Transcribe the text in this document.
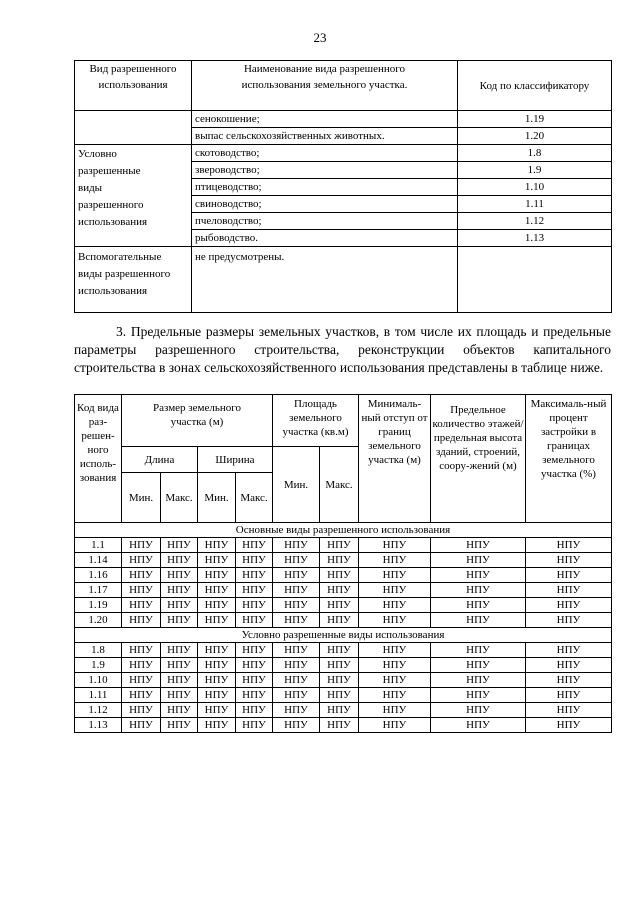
23
Вид разрешенного использования	Наименование вида разрешенного использования земельного участка.	Код по классификатору
	сенокошение;	1.19
	выпас сельскохозяйственных животных.	1.20
Условно разрешенные виды разрешенного использования	скотоводство;	1.8
	звероводство;	1.9
	птицеводство;	1.10
	свиноводство;	1.11
	пчеловодство;	1.12
	рыбоводство.	1.13
Вспомогательные виды разрешенного использования	не предусмотрены.	

3. Предельные размеры земельных участков, в том числе их площадь и предельные параметры разрешенного строительства, реконструкции объектов капитального строительства в зонах сельскохозяйственного использования представлены в таблице ниже.

Код вида раз-решен-ного исполь-зования	Размер земельного участка (м)				Площадь земельного участка (кв.м)		Минималь-ный отступ от границ земельного участка (м)	Предельное количество этажей/ предельная высота зданий, строений, соору-жений (м)	Максималь-ный процент застройки в границах земельного участка (%)
	Длина		Ширина		Мин.	Макс.			
	Мин.	Макс.	Мин.	Макс.					
Основные виды разрешенного использования									
1.1	НПУ	НПУ	НПУ	НПУ	НПУ	НПУ	НПУ	НПУ	НПУ
1.14	НПУ	НПУ	НПУ	НПУ	НПУ	НПУ	НПУ	НПУ	НПУ
1.16	НПУ	НПУ	НПУ	НПУ	НПУ	НПУ	НПУ	НПУ	НПУ
1.17	НПУ	НПУ	НПУ	НПУ	НПУ	НПУ	НПУ	НПУ	НПУ
1.19	НПУ	НПУ	НПУ	НПУ	НПУ	НПУ	НПУ	НПУ	НПУ
1.20	НПУ	НПУ	НПУ	НПУ	НПУ	НПУ	НПУ	НПУ	НПУ
Условно разрешенные виды использования									
1.8	НПУ	НПУ	НПУ	НПУ	НПУ	НПУ	НПУ	НПУ	НПУ
1.9	НПУ	НПУ	НПУ	НПУ	НПУ	НПУ	НПУ	НПУ	НПУ
1.10	НПУ	НПУ	НПУ	НПУ	НПУ	НПУ	НПУ	НПУ	НПУ
1.11	НПУ	НПУ	НПУ	НПУ	НПУ	НПУ	НПУ	НПУ	НПУ
1.12	НПУ	НПУ	НПУ	НПУ	НПУ	НПУ	НПУ	НПУ	НПУ
1.13	НПУ	НПУ	НПУ	НПУ	НПУ	НПУ	НПУ	НПУ	НПУ
